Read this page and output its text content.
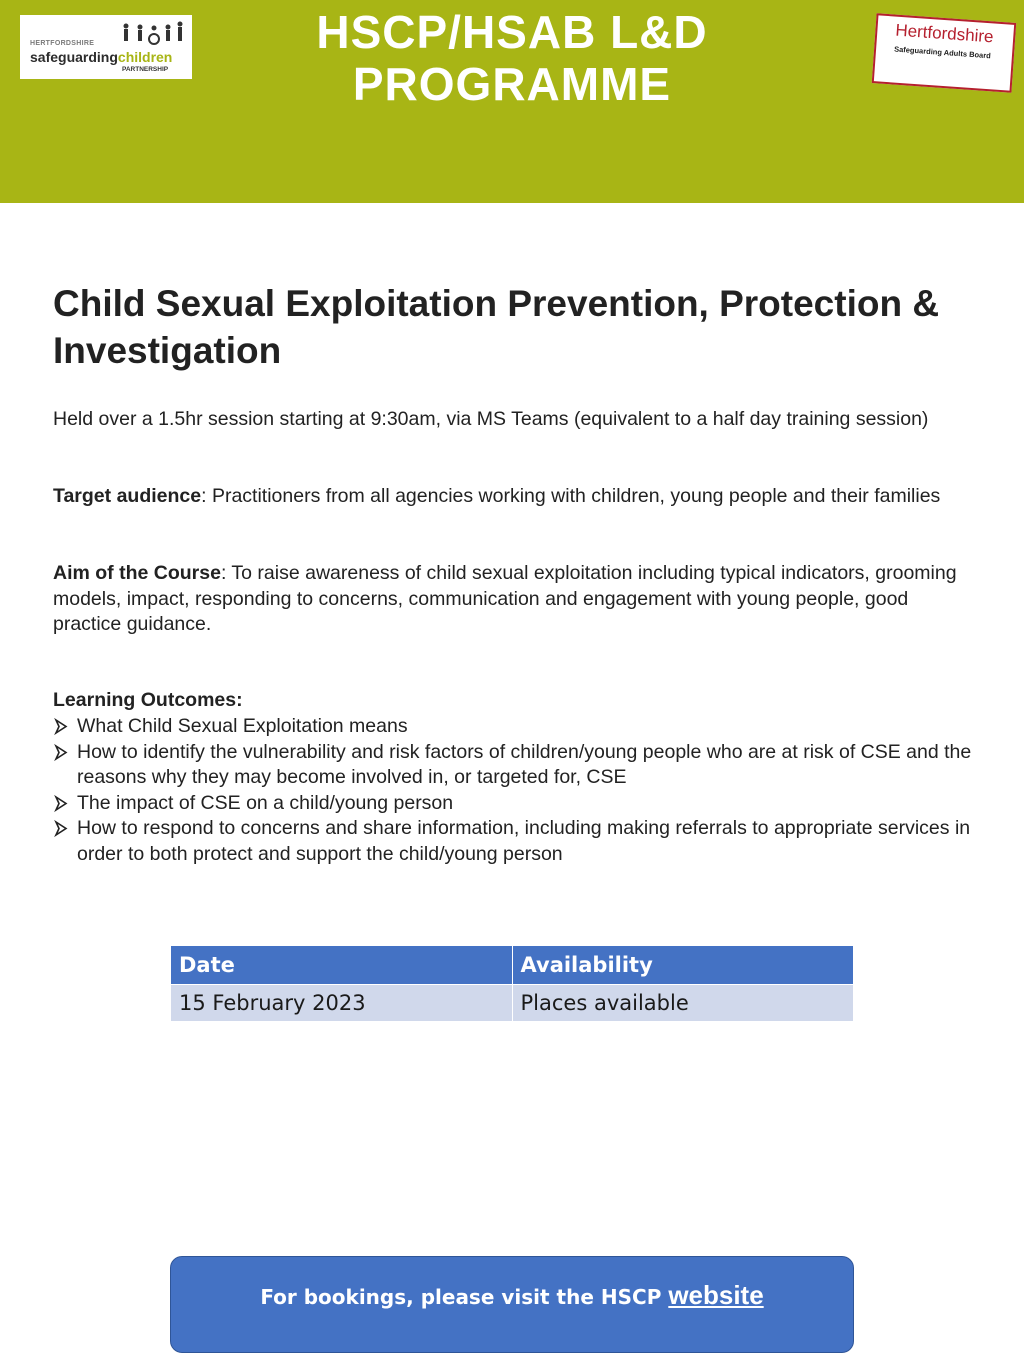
HERTFORDSHIRE
safeguardingchildren
PARTNERSHIP
HSCP/HSAB L&D
PROGRAMME
Hertfordshire
Safeguarding Adults Board
Child Sexual Exploitation Prevention, Protection & Investigation

Held over a 1.5hr session starting at 9:30am, via MS Teams (equivalent to a half day training session)

Target audience: Practitioners from all agencies working with children, young people and their families

Aim of the Course: To raise awareness of child sexual exploitation including typical indicators, grooming models, impact, responding to concerns, communication and engagement with young people, good practice guidance.

Learning Outcomes:

What Child Sexual Exploitation means
How to identify the vulnerability and risk factors of children/young people who are at risk of CSE and the reasons why they may become involved in, or targeted for, CSE
The impact of CSE on a child/young person
How to respond to concerns and share information, including making referrals to appropriate services in order to both protect and support the child/young person
Date	Availability
15 February 2023	Places available
For bookings, please visit the HSCP website
